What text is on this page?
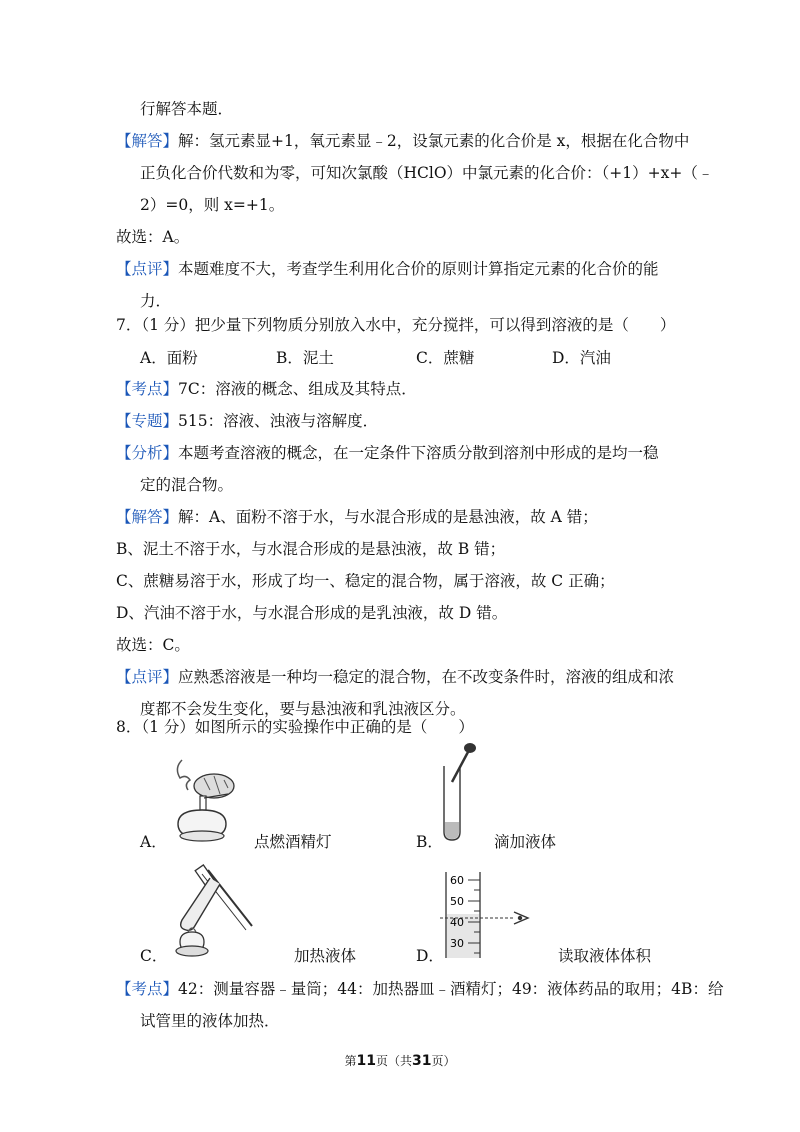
行解答本题．
【解答】解：氢元素显+1，氧元素显﹣2，设氯元素的化合价是 x，根据在化合物中
正负化合价代数和为零，可知次氯酸（HClO）中氯元素的化合价：（+1）+x+（﹣
2）=0，则 x=+1。
故选：A。
【点评】本题难度不大，考查学生利用化合价的原则计算指定元素的化合价的能
力．
7．（1 分）把少量下列物质分别放入水中，充分搅拌，可以得到溶液的是（　　）
A．面粉	B．泥土	C．蔗糖	D．汽油
【考点】7C：溶液的概念、组成及其特点．
【专题】515：溶液、浊液与溶解度．
【分析】本题考查溶液的概念，在一定条件下溶质分散到溶剂中形成的是均一稳
定的混合物。
【解答】解：A、面粉不溶于水，与水混合形成的是悬浊液，故 A 错；
B、泥土不溶于水，与水混合形成的是悬浊液，故 B 错；
C、蔗糖易溶于水，形成了均一、稳定的混合物，属于溶液，故 C 正确；
D、汽油不溶于水，与水混合形成的是乳浊液，故 D 错。
故选：C。
【点评】应熟悉溶液是一种均一稳定的混合物，在不改变条件时，溶液的组成和浓
度都不会发生变化，要与悬浊液和乳浊液区分。
8．（1 分）如图所示的实验操作中正确的是（　　）
A．	点燃酒精灯	B．	滴加液体
C．	加热液体
60
50
40
30
D．	读取液体体积
【考点】42：测量容器﹣量筒；44：加热器皿﹣酒精灯；49：液体药品的取用；4B：给
试管里的液体加热．
第11页（共31页）
